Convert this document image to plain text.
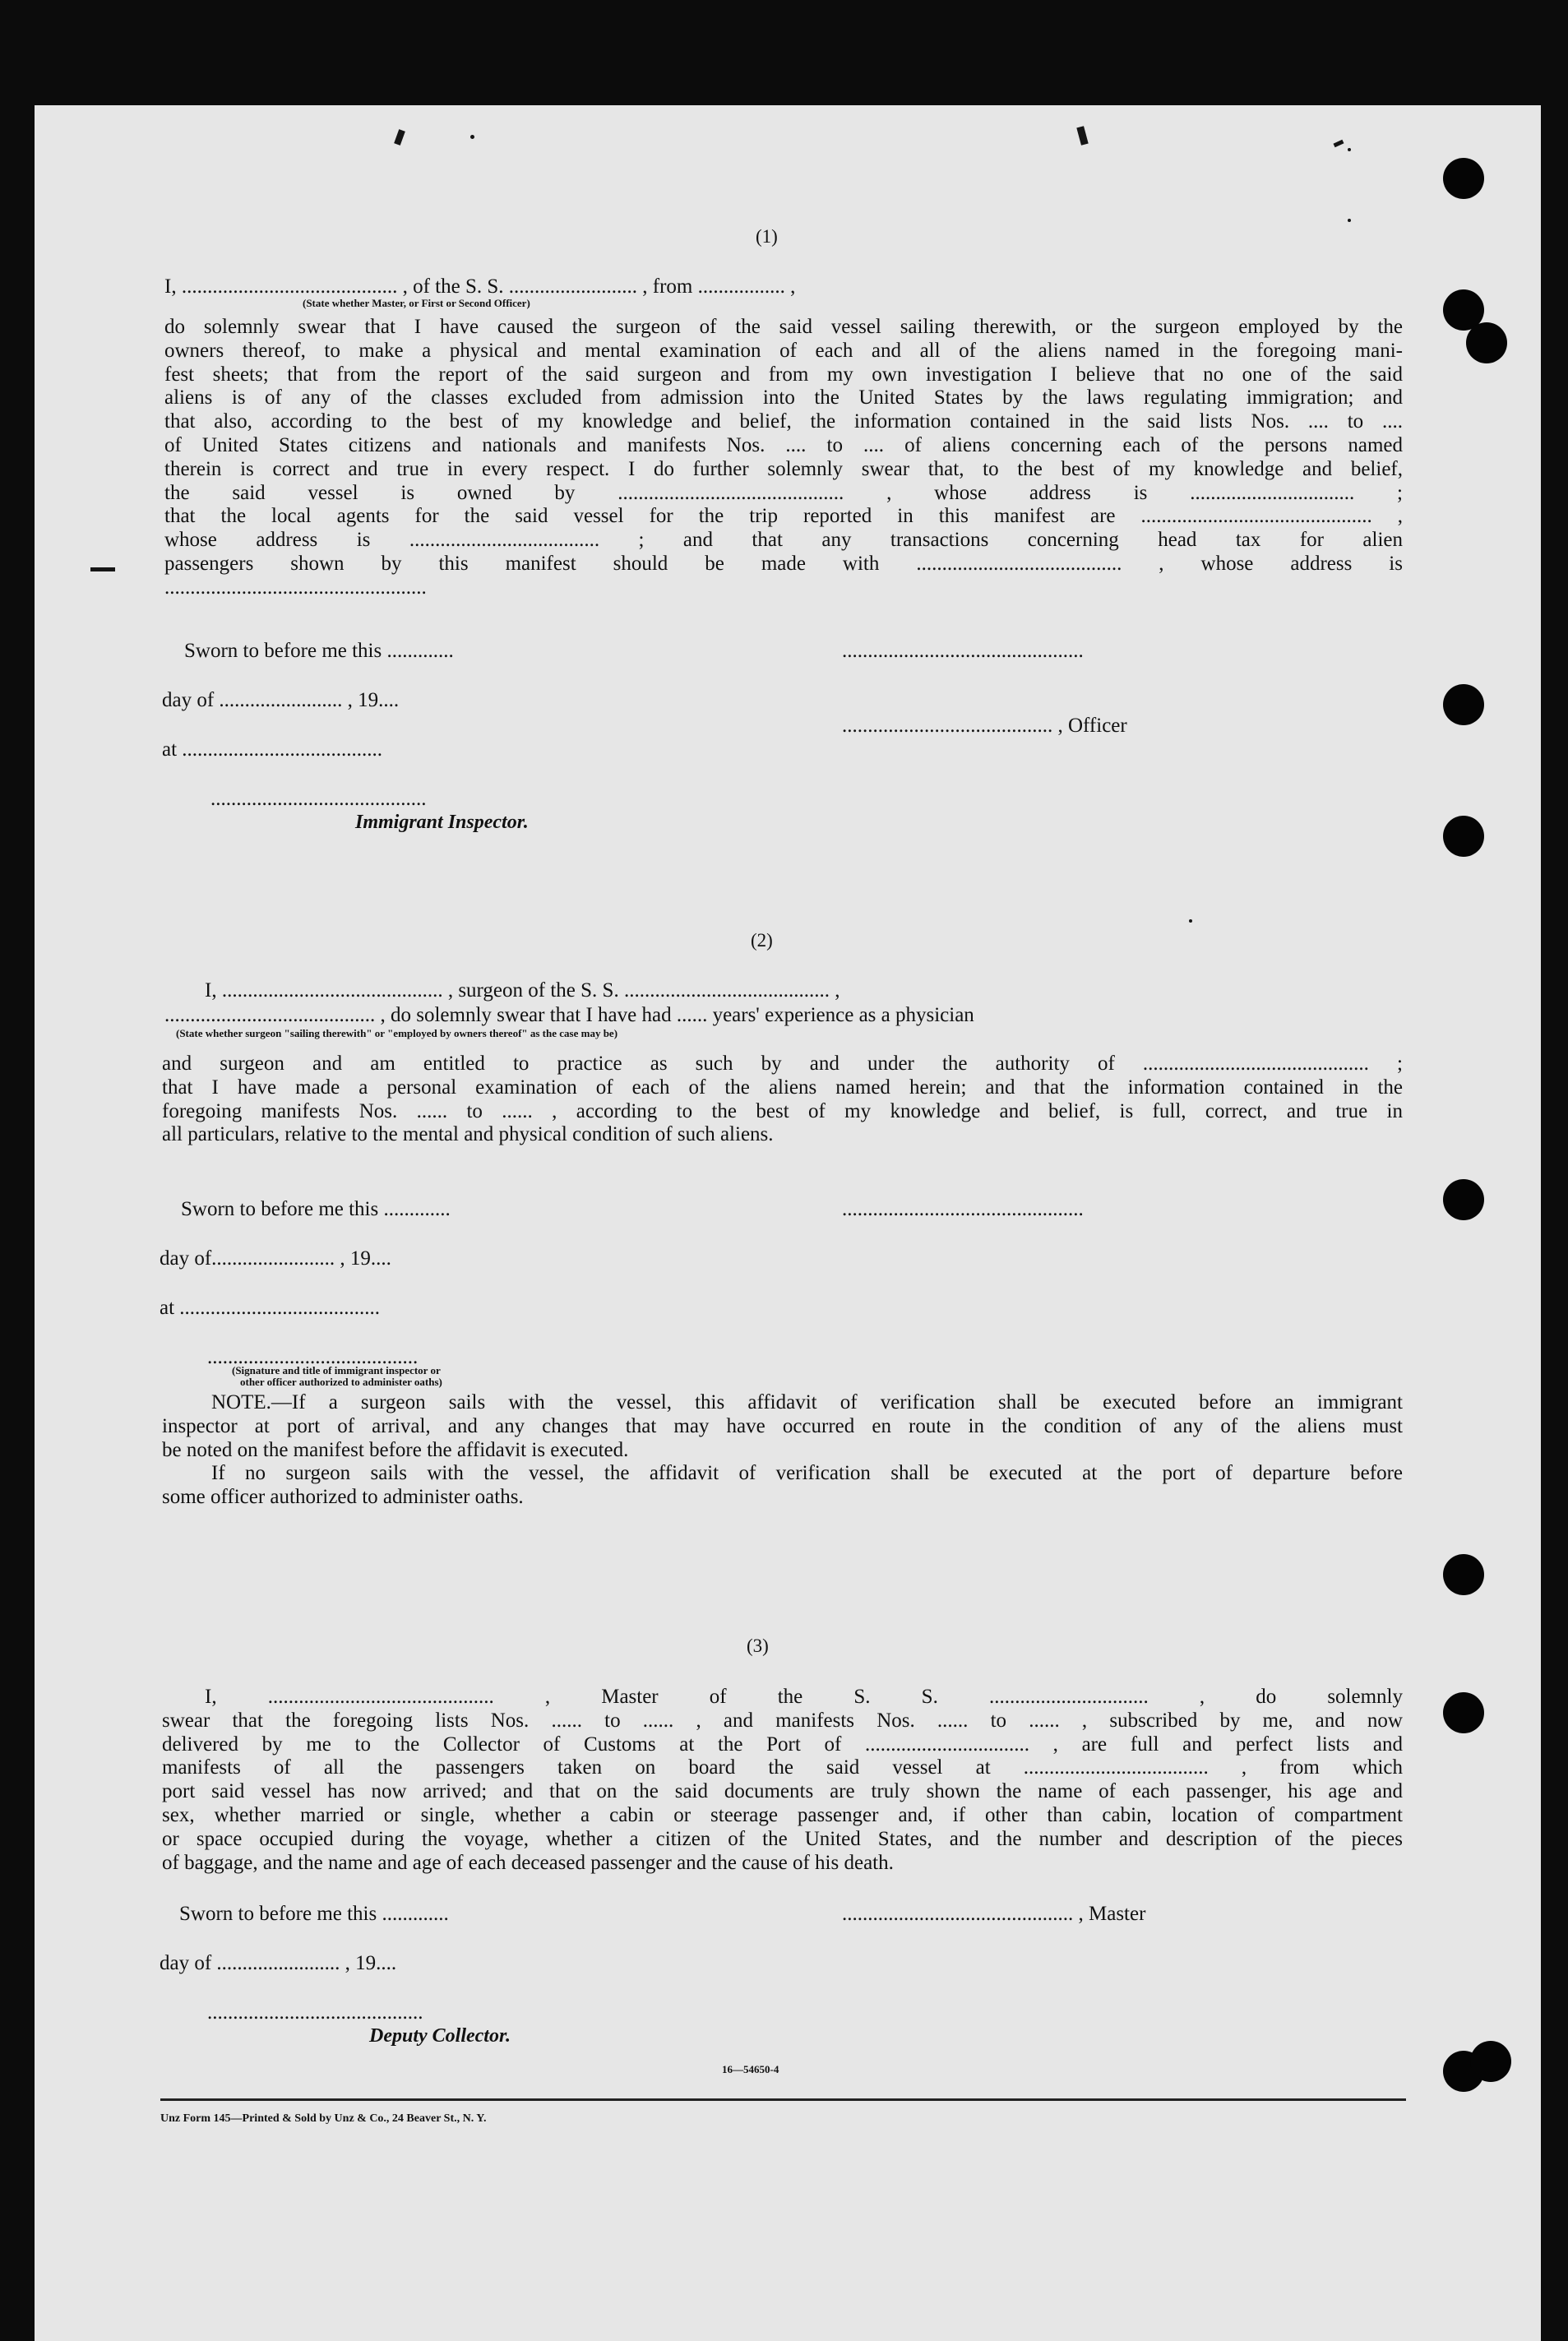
(1)
I, .......................................... , of the S. S. ......................... , from ................. ,
(State whether Master, or First or Second Officer)
do solemnly swear that I have caused the surgeon of the said vessel sailing therewith, or the surgeon employed by the
owners thereof, to make a physical and mental examination of each and all of the aliens named in the foregoing mani-
fest sheets; that from the report of the said surgeon and from my own investigation I believe that no one of the said
aliens is of any of the classes excluded from admission into the United States by the laws regulating immigration; and
that also, according to the best of my knowledge and belief, the information contained in the said lists Nos. .... to ....
of United States citizens and nationals and manifests Nos. .... to .... of aliens concerning each of the persons named
therein is correct and true in every respect. I do further solemnly swear that, to the best of my knowledge and belief,
the said vessel is owned by ............................................ , whose address is ................................ ;
that the local agents for the said vessel for the trip reported in this manifest are ............................................. ,
whose address is ..................................... ; and that any transactions concerning head tax for alien
passengers shown by this manifest should be made with ........................................ , whose address is
...................................................
Sworn to before me this .............	...............................................
day of ........................ , 19....
......................................... , Officer
at .......................................
..........................................
Immigrant Inspector.
(2)
I, ........................................... , surgeon of the S. S. ........................................ ,
......................................... , do solemnly swear that I have had ...... years' experience as a physician
(State whether surgeon "sailing therewith" or "employed by owners thereof" as the case may be)
and surgeon and am entitled to practice as such by and under the authority of ............................................ ;
that I have made a personal examination of each of the aliens named herein; and that the information contained in the
foregoing manifests Nos. ...... to ...... , according to the best of my knowledge and belief, is full, correct, and true in
all particulars, relative to the mental and physical condition of such aliens.
Sworn to before me this .............	...............................................
day of........................ , 19....
at .......................................
.........................................
(Signature and title of immigrant inspector or
other officer authorized to administer oaths)
NOTE.—If a surgeon sails with the vessel, this affidavit of verification shall be executed before an immigrant
inspector at port of arrival, and any changes that may have occurred en route in the condition of any of the aliens must
be noted on the manifest before the affidavit is executed.
If no surgeon sails with the vessel, the affidavit of verification shall be executed at the port of departure before
some officer authorized to administer oaths.
(3)
I, ............................................ , Master of the S. S. ............................... , do solemnly
swear that the foregoing lists Nos. ...... to ...... , and manifests Nos. ...... to ...... , subscribed by me, and now
delivered by me to the Collector of Customs at the Port of ................................ , are full and perfect lists and
manifests of all the passengers taken on board the said vessel at .................................... , from which
port said vessel has now arrived; and that on the said documents are truly shown the name of each passenger, his age and
sex, whether married or single, whether a cabin or steerage passenger and, if other than cabin, location of compartment
or space occupied during the voyage, whether a citizen of the United States, and the number and description of the pieces
of baggage, and the name and age of each deceased passenger and the cause of his death.
Sworn to before me this .............	............................................. , Master
day of ........................ , 19....
..........................................
Deputy Collector.
16—54650-4
Unz Form 145—Printed & Sold by Unz & Co., 24 Beaver St., N. Y.
